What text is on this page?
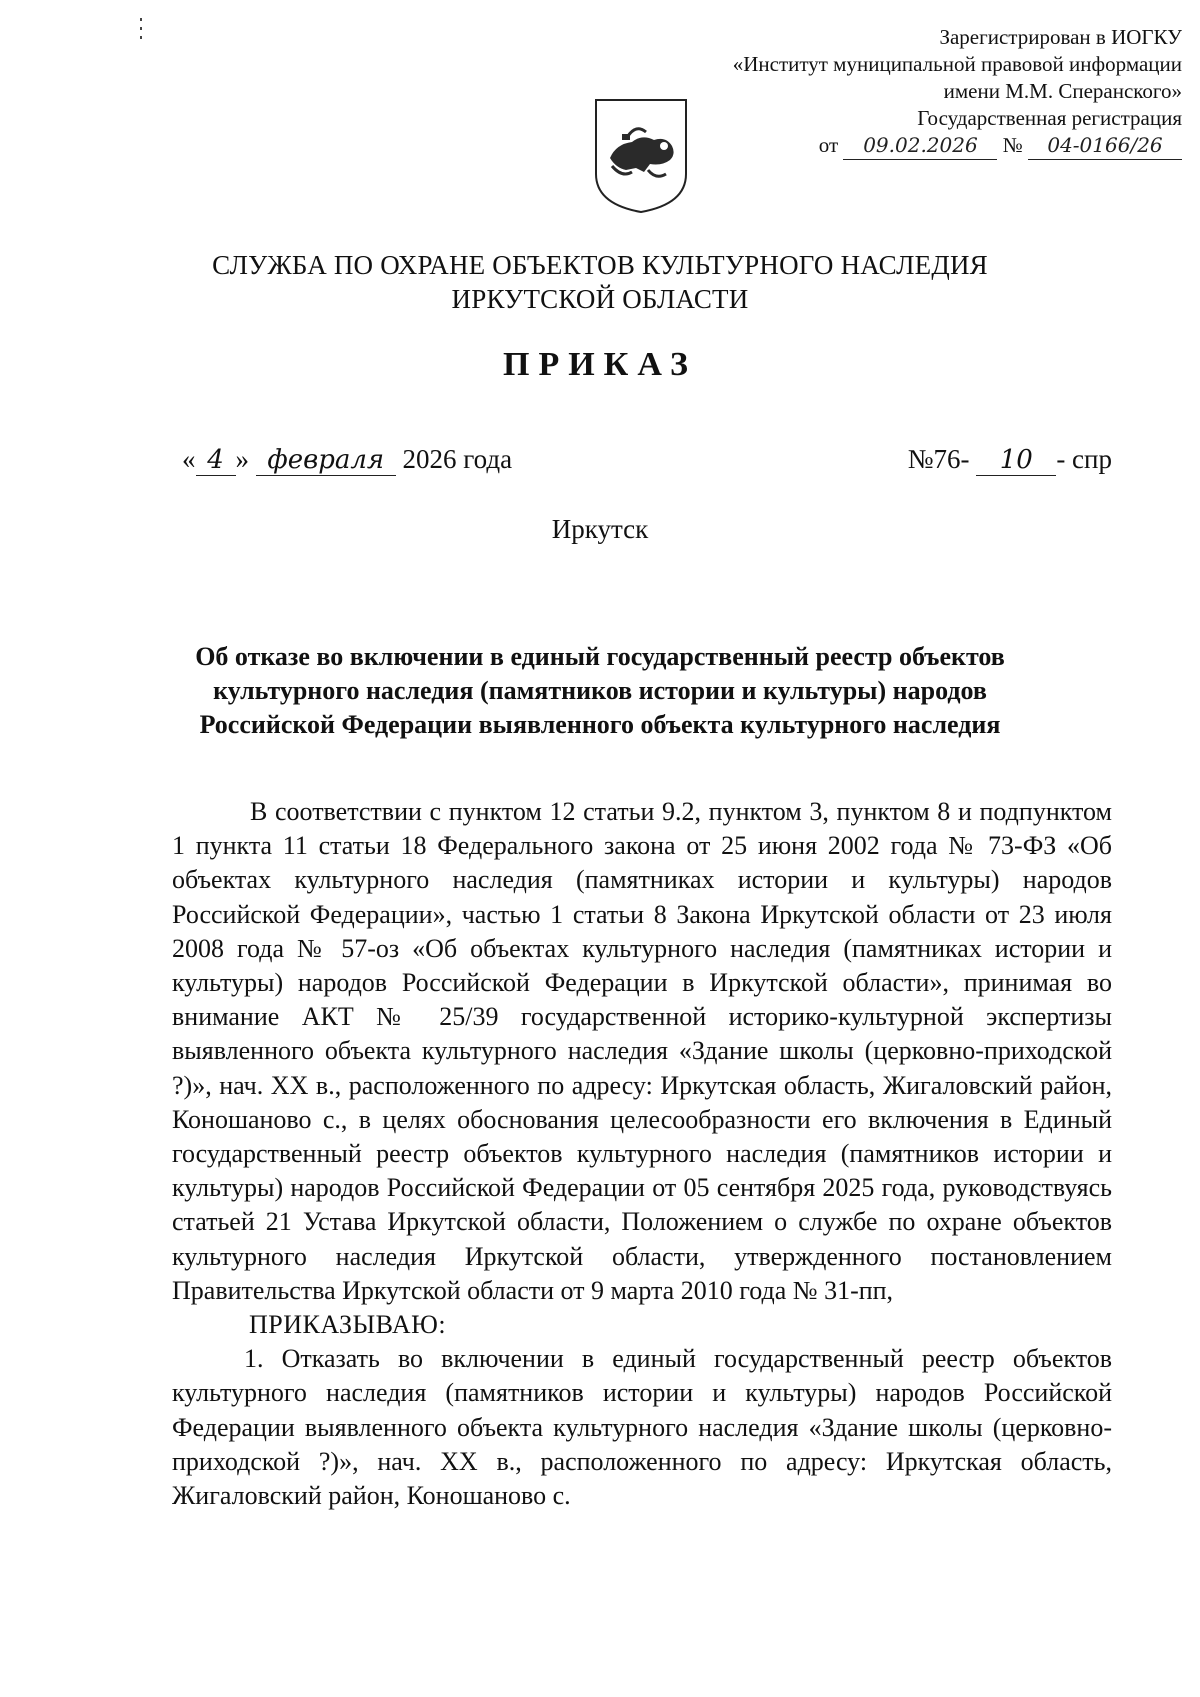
Зарегистрирован в ИОГКУ
«Институт муниципальной правовой информации
имени М.М. Сперанского»
Государственная регистрация
от 09.02.2026 № 04-0166/26
СЛУЖБА ПО ОХРАНЕ ОБЪЕКТОВ КУЛЬТУРНОГО НАСЛЕДИЯ
ИРКУТСКОЙ ОБЛАСТИ
ПРИКАЗ
« 4 » февраля 2026 года	№76- 10 - спр
Иркутск
Об отказе во включении в единый государственный реестр объектов культурного наследия (памятников истории и культуры) народов Российской Федерации выявленного объекта культурного наследия

В соответствии с пунктом 12 статьи 9.2, пунктом 3, пунктом 8 и подпунктом 1 пункта 11 статьи 18 Федерального закона от 25 июня 2002 года № 73-ФЗ «Об объектах культурного наследия (памятниках истории и культуры) народов Российской Федерации», частью 1 статьи 8 Закона Иркутской области от 23 июля 2008 года № 57-оз «Об объектах культурного наследия (памятниках истории и культуры) народов Российской Федерации в Иркутской области», принимая во внимание АКТ № 25/39 государственной историко-культурной экспертизы выявленного объекта культурного наследия «Здание школы (церковно-приходской ?)», нач. XX в., расположенного по адресу: Иркутская область, Жигаловский район, Коношаново с., в целях обоснования целесообразности его включения в Единый государственный реестр объектов культурного наследия (памятников истории и культуры) народов Российской Федерации от 05 сентября 2025 года, руководствуясь статьей 21 Устава Иркутской области, Положением о службе по охране объектов культурного наследия Иркутской области, утвержденного постановлением Правительства Иркутской области от 9 марта 2010 года № 31-пп,

ПРИКАЗЫВАЮ:

1. Отказать во включении в единый государственный реестр объектов культурного наследия (памятников истории и культуры) народов Российской Федерации выявленного объекта культурного наследия «Здание школы (церковно-приходской ?)», нач. XX в., расположенного по адресу: Иркутская область, Жигаловский район, Коношаново с.
